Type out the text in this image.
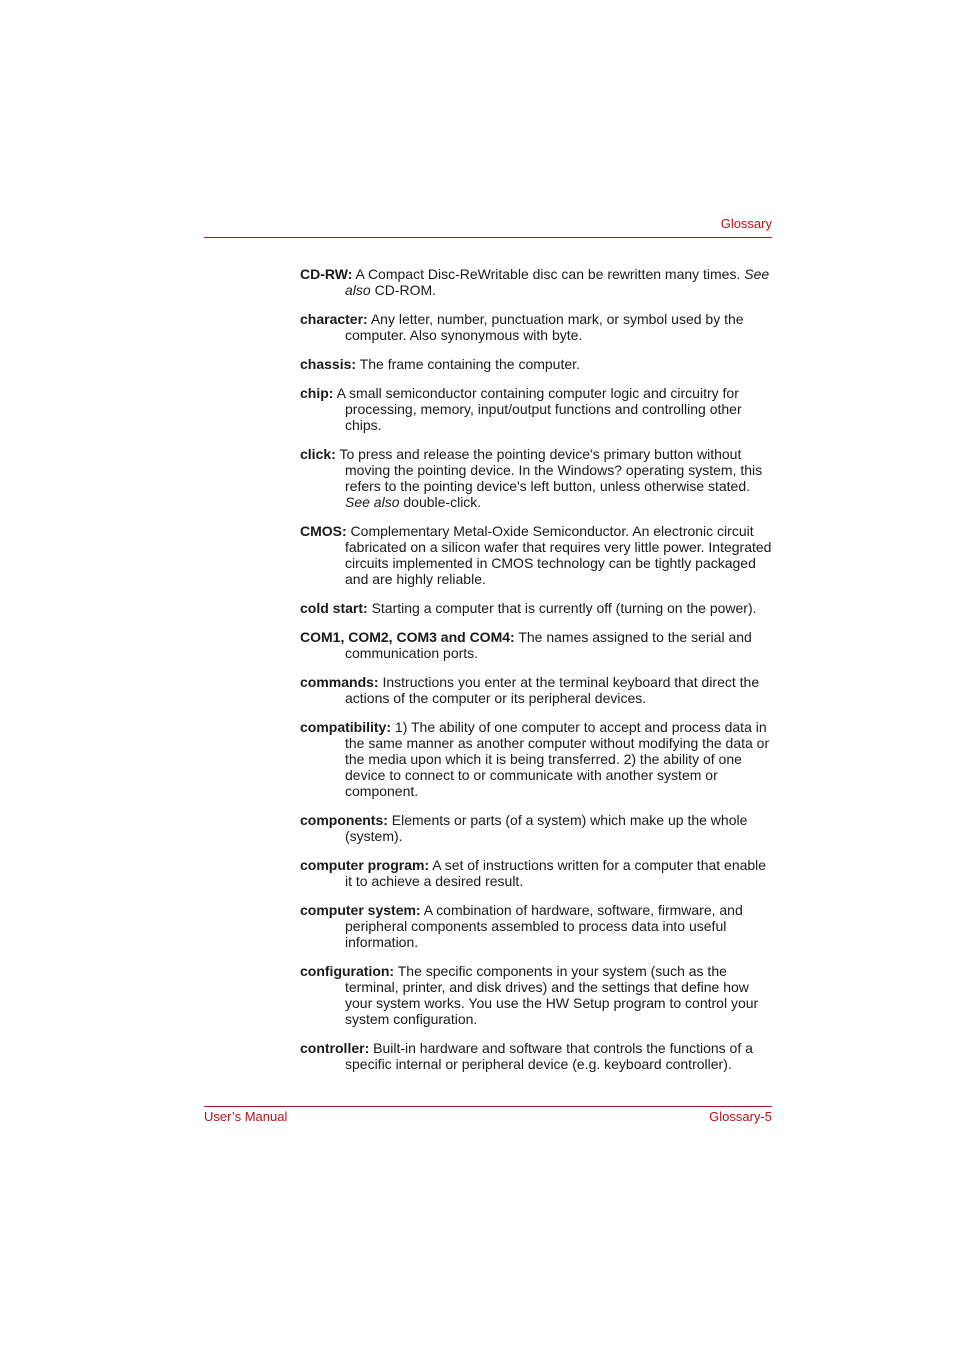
Glossary

CD-RW: A Compact Disc-ReWritable disc can be rewritten many times. See also CD-ROM.

character: Any letter, number, punctuation mark, or symbol used by the computer. Also synonymous with byte.

chassis: The frame containing the computer.

chip: A small semiconductor containing computer logic and circuitry for processing, memory, input/output functions and controlling other chips.

click: To press and release the pointing device's primary button without moving the pointing device. In the Windows? operating system, this refers to the pointing device's left button, unless otherwise stated. See also double-click.

CMOS: Complementary Metal-Oxide Semiconductor. An electronic circuit fabricated on a silicon wafer that requires very little power. Integrated circuits implemented in CMOS technology can be tightly packaged and are highly reliable.

cold start: Starting a computer that is currently off (turning on the power).

COM1, COM2, COM3 and COM4: The names assigned to the serial and communication ports.

commands: Instructions you enter at the terminal keyboard that direct the actions of the computer or its peripheral devices.

compatibility: 1) The ability of one computer to accept and process data in the same manner as another computer without modifying the data or the media upon which it is being transferred. 2) the ability of one device to connect to or communicate with another system or component.

components: Elements or parts (of a system) which make up the whole (system).

computer program: A set of instructions written for a computer that enable it to achieve a desired result.

computer system: A combination of hardware, software, firmware, and peripheral components assembled to process data into useful information.

configuration: The specific components in your system (such as the terminal, printer, and disk drives) and the settings that define how your system works. You use the HW Setup program to control your system configuration.

controller: Built-in hardware and software that controls the functions of a specific internal or peripheral device (e.g. keyboard controller).

User’s Manual	Glossary-5
